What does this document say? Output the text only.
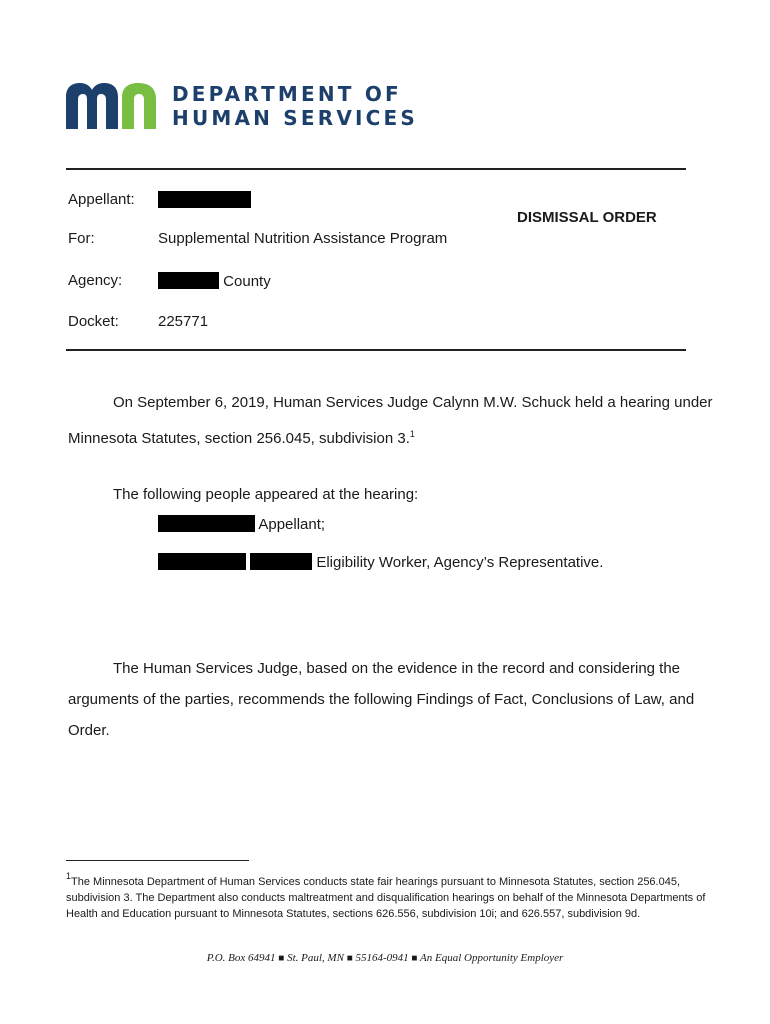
DEPARTMENT OF
HUMAN SERVICES
Appellant:
DISMISSAL ORDER
For:	Supplemental Nutrition Assistance Program
Agency:	County
Docket:	225771
On September 6, 2019, Human Services Judge Calynn M.W. Schuck held a hearing under
Minnesota Statutes, section 256.045, subdivision 3.$^1$
The following people appeared at the hearing:
Appellant;
Eligibility Worker, Agency’s Representative.
The Human Services Judge, based on the evidence in the record and considering the
arguments of the parties, recommends the following Findings of Fact, Conclusions of Law, and
Order.
$^1$The Minnesota Department of Human Services conducts state fair hearings pursuant to Minnesota Statutes, section 256.045, subdivision 3. The Department also conducts maltreatment and disqualification hearings on behalf of the Minnesota Departments of Health and Education pursuant to Minnesota Statutes, sections 626.556, subdivision 10i; and 626.557, subdivision 9d.
P.O. Box 64941 ■ St. Paul, MN ■ 55164-0941 ■ An Equal Opportunity Employer
